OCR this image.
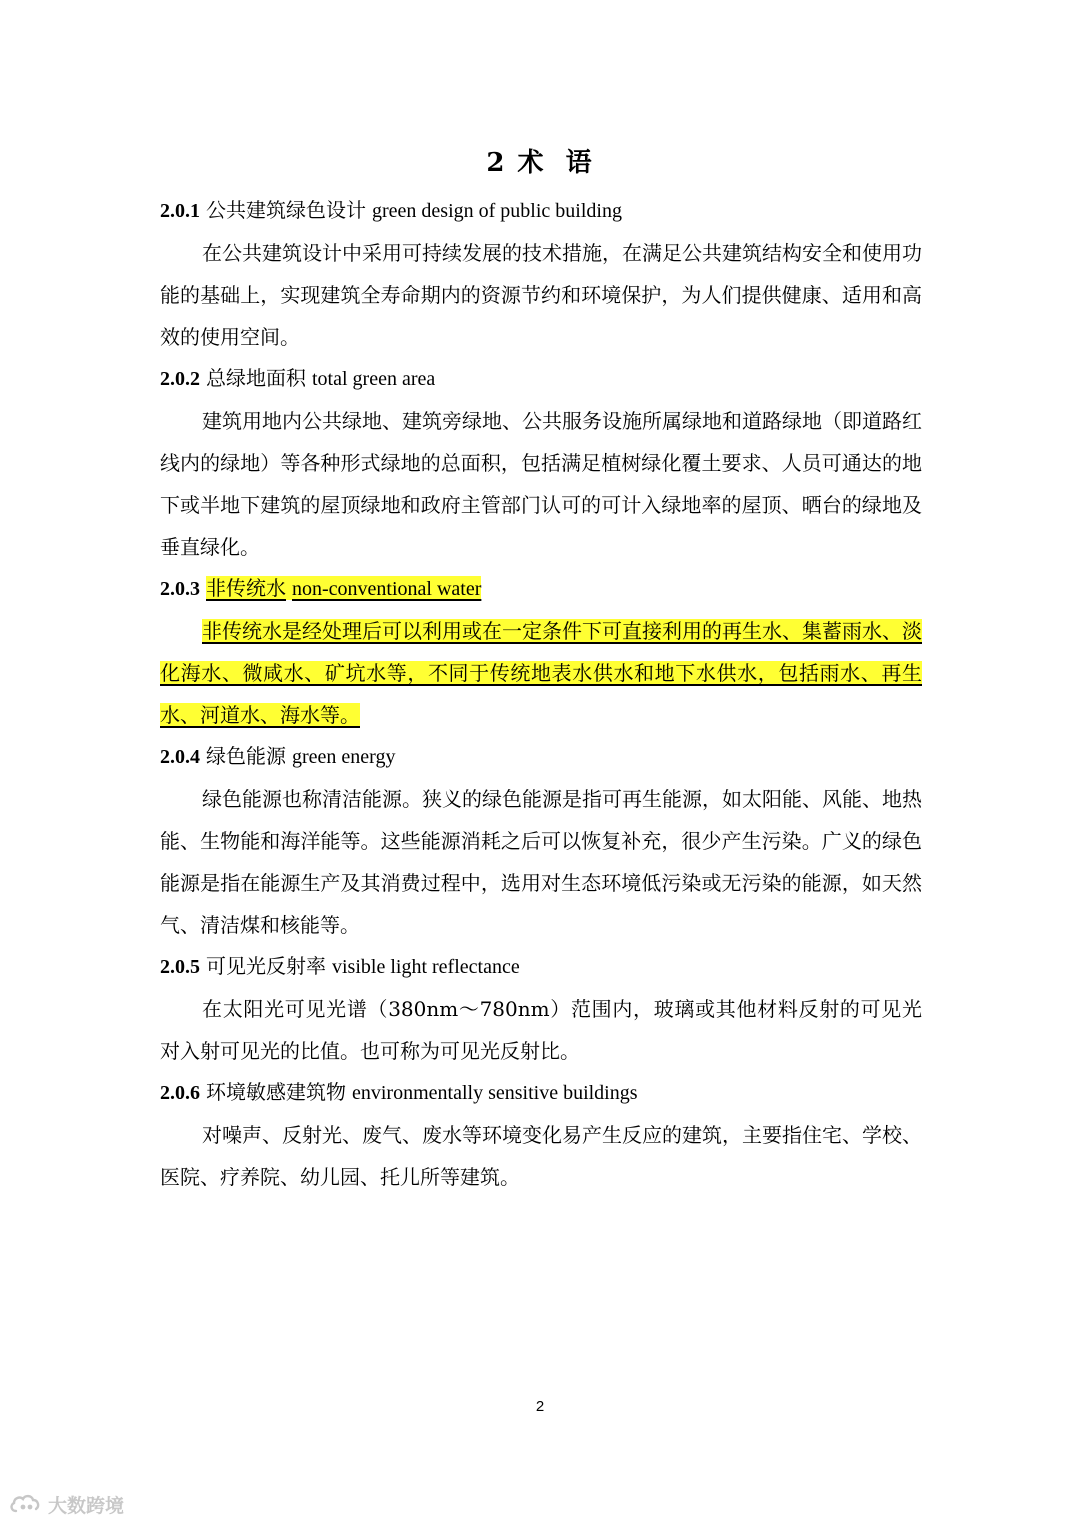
2 术 语
2.0.1 公共建筑绿色设计 green design of public building

在公共建筑设计中采用可持续发展的技术措施，在满足公共建筑结构安全和使用功能的基础上，实现建筑全寿命期内的资源节约和环境保护，为人们提供健康、适用和高效的使用空间。

2.0.2 总绿地面积 total green area

建筑用地内公共绿地、建筑旁绿地、公共服务设施所属绿地和道路绿地（即道路红线内的绿地）等各种形式绿地的总面积，包括满足植树绿化覆土要求、人员可通达的地下或半地下建筑的屋顶绿地和政府主管部门认可的可计入绿地率的屋顶、晒台的绿地及垂直绿化。

2.0.3 非传统水 non-conventional water

非传统水是经处理后可以利用或在一定条件下可直接利用的再生水、集蓄雨水、淡化海水、微咸水、矿坑水等，不同于传统地表水供水和地下水供水，包括雨水、再生水、河道水、海水等。

2.0.4 绿色能源 green energy

绿色能源也称清洁能源。狭义的绿色能源是指可再生能源，如太阳能、风能、地热能、生物能和海洋能等。这些能源消耗之后可以恢复补充，很少产生污染。广义的绿色能源是指在能源生产及其消费过程中，选用对生态环境低污染或无污染的能源，如天然气、清洁煤和核能等。

2.0.5 可见光反射率 visible light reflectance

在太阳光可见光谱（380nm～780nm）范围内，玻璃或其他材料反射的可见光对入射可见光的比值。也可称为可见光反射比。

2.0.6 环境敏感建筑物 environmentally sensitive buildings

对噪声、反射光、废气、废水等环境变化易产生反应的建筑，主要指住宅、学校、医院、疗养院、幼儿园、托儿所等建筑。

2
大数跨境
